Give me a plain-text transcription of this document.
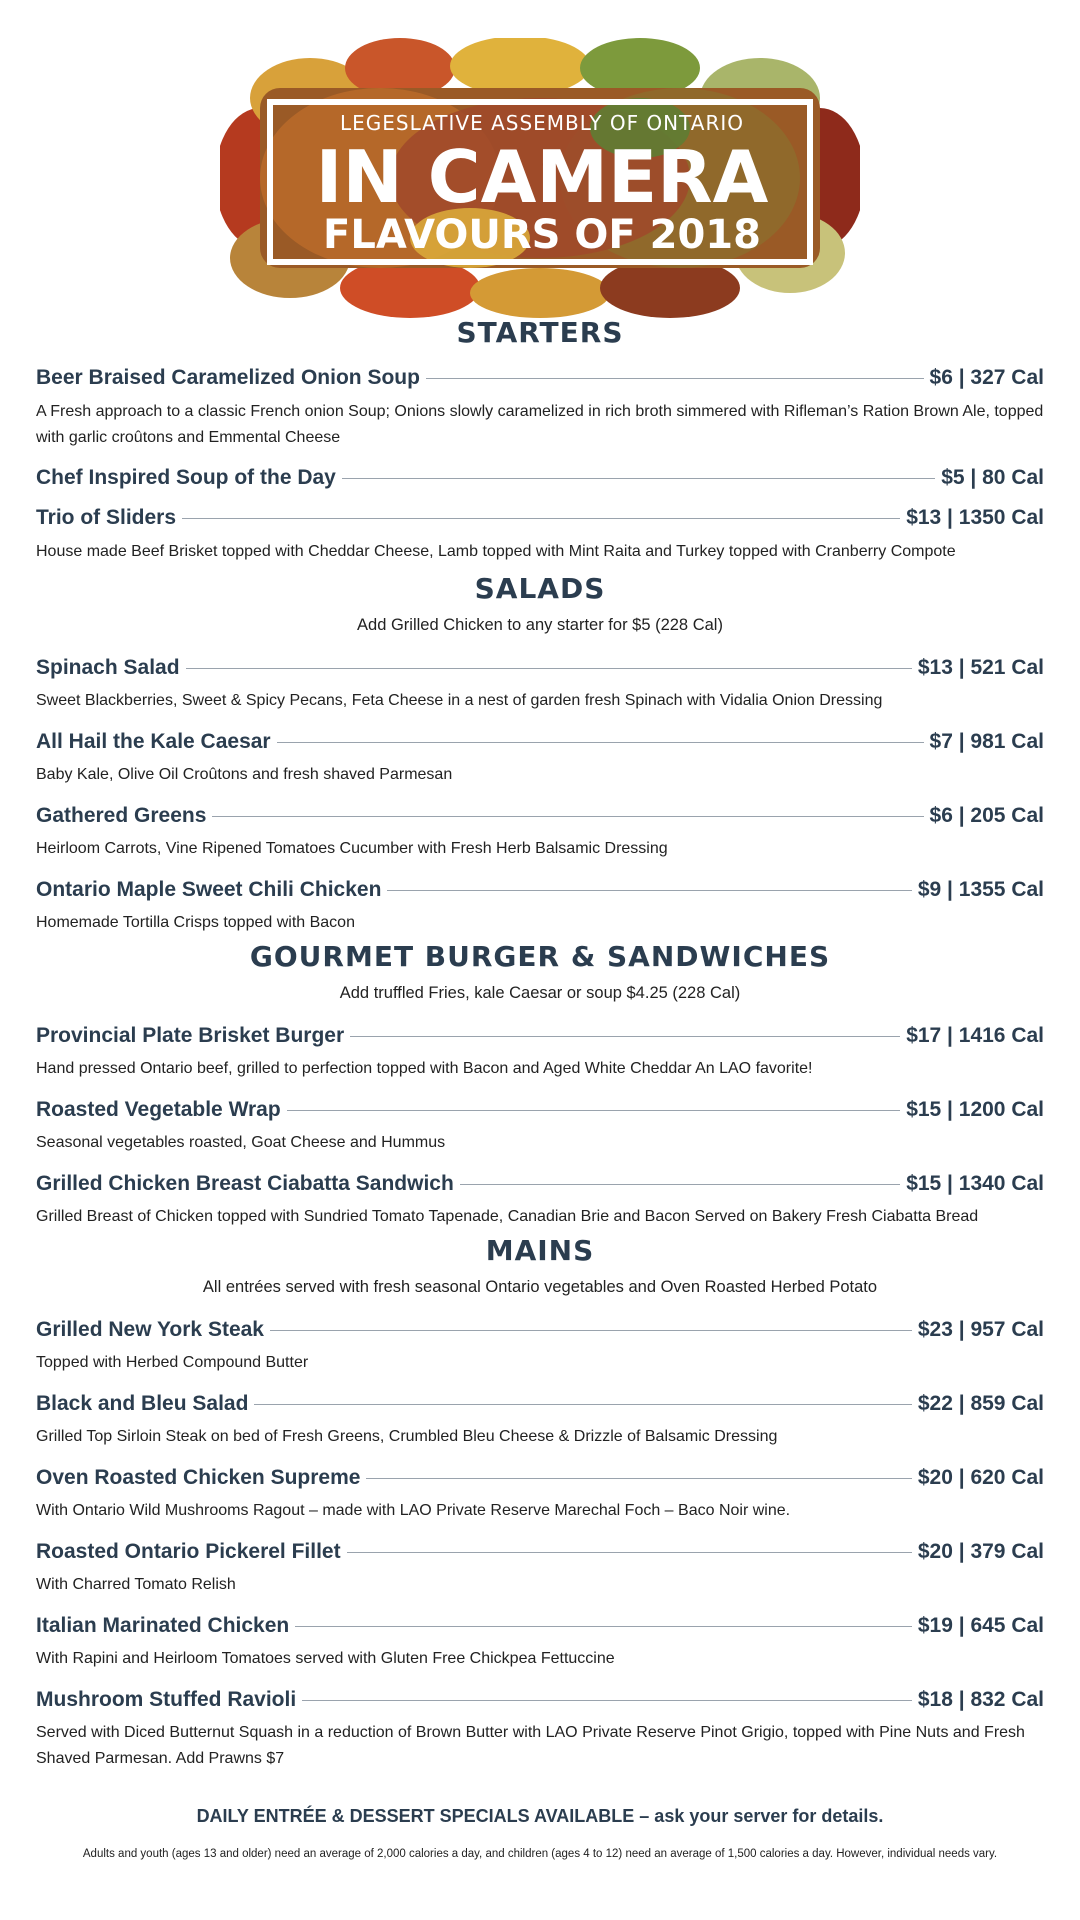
LEGESLATIVE ASSEMBLY OF ONTARIO
IN CAMERA
FLAVOURS OF 2018
STARTERS
Beer Braised Caramelized Onion Soup	$6 | 327 Cal
A Fresh approach to a classic French onion Soup; Onions slowly caramelized in rich broth simmered with Rifleman’s Ration Brown Ale, topped with garlic croûtons and Emmental Cheese
Chef Inspired Soup of the Day	$5 | 80 Cal
Trio of Sliders	$13 | 1350 Cal
House made Beef Brisket topped with Cheddar Cheese, Lamb topped with Mint Raita and Turkey topped with Cranberry Compote
SALADS
Add Grilled Chicken to any starter for $5 (228 Cal)
Spinach Salad	$13 | 521 Cal
Sweet Blackberries, Sweet & Spicy Pecans, Feta Cheese in a nest of garden fresh Spinach with Vidalia Onion Dressing
All Hail the Kale Caesar	$7 | 981 Cal
Baby Kale, Olive Oil Croûtons and fresh shaved Parmesan
Gathered Greens	$6 | 205 Cal
Heirloom Carrots, Vine Ripened Tomatoes Cucumber with Fresh Herb Balsamic Dressing
Ontario Maple Sweet Chili Chicken	$9 | 1355 Cal
Homemade Tortilla Crisps topped with Bacon
GOURMET BURGER & SANDWICHES
Add truffled Fries, kale Caesar or soup $4.25 (228 Cal)
Provincial Plate Brisket Burger	$17 | 1416 Cal
Hand pressed Ontario beef, grilled to perfection topped with Bacon and Aged White Cheddar An LAO favorite!
Roasted Vegetable Wrap	$15 | 1200 Cal
Seasonal vegetables roasted, Goat Cheese and Hummus
Grilled Chicken Breast Ciabatta Sandwich	$15 | 1340 Cal
Grilled Breast of Chicken topped with Sundried Tomato Tapenade, Canadian Brie and Bacon Served on Bakery Fresh Ciabatta Bread
MAINS
All entrées served with fresh seasonal Ontario vegetables and Oven Roasted Herbed Potato
Grilled New York Steak	$23 | 957 Cal
Topped with Herbed Compound Butter
Black and Bleu Salad	$22 | 859 Cal
Grilled Top Sirloin Steak on bed of Fresh Greens, Crumbled Bleu Cheese & Drizzle of Balsamic Dressing
Oven Roasted Chicken Supreme	$20 | 620 Cal
With Ontario Wild Mushrooms Ragout – made with LAO Private Reserve Marechal Foch – Baco Noir wine.
Roasted Ontario Pickerel Fillet	$20 | 379 Cal
With Charred Tomato Relish
Italian Marinated Chicken	$19 | 645 Cal
With Rapini and Heirloom Tomatoes served with Gluten Free Chickpea Fettuccine
Mushroom Stuffed Ravioli	$18 | 832 Cal
Served with Diced Butternut Squash in a reduction of Brown Butter with LAO Private Reserve Pinot Grigio, topped with Pine Nuts and Fresh Shaved Parmesan. Add Prawns $7
DAILY ENTRÉE & DESSERT SPECIALS AVAILABLE – ask your server for details.
Adults and youth (ages 13 and older) need an average of 2,000 calories a day, and children (ages 4 to 12) need an average of 1,500 calories a day. However, individual needs vary.
